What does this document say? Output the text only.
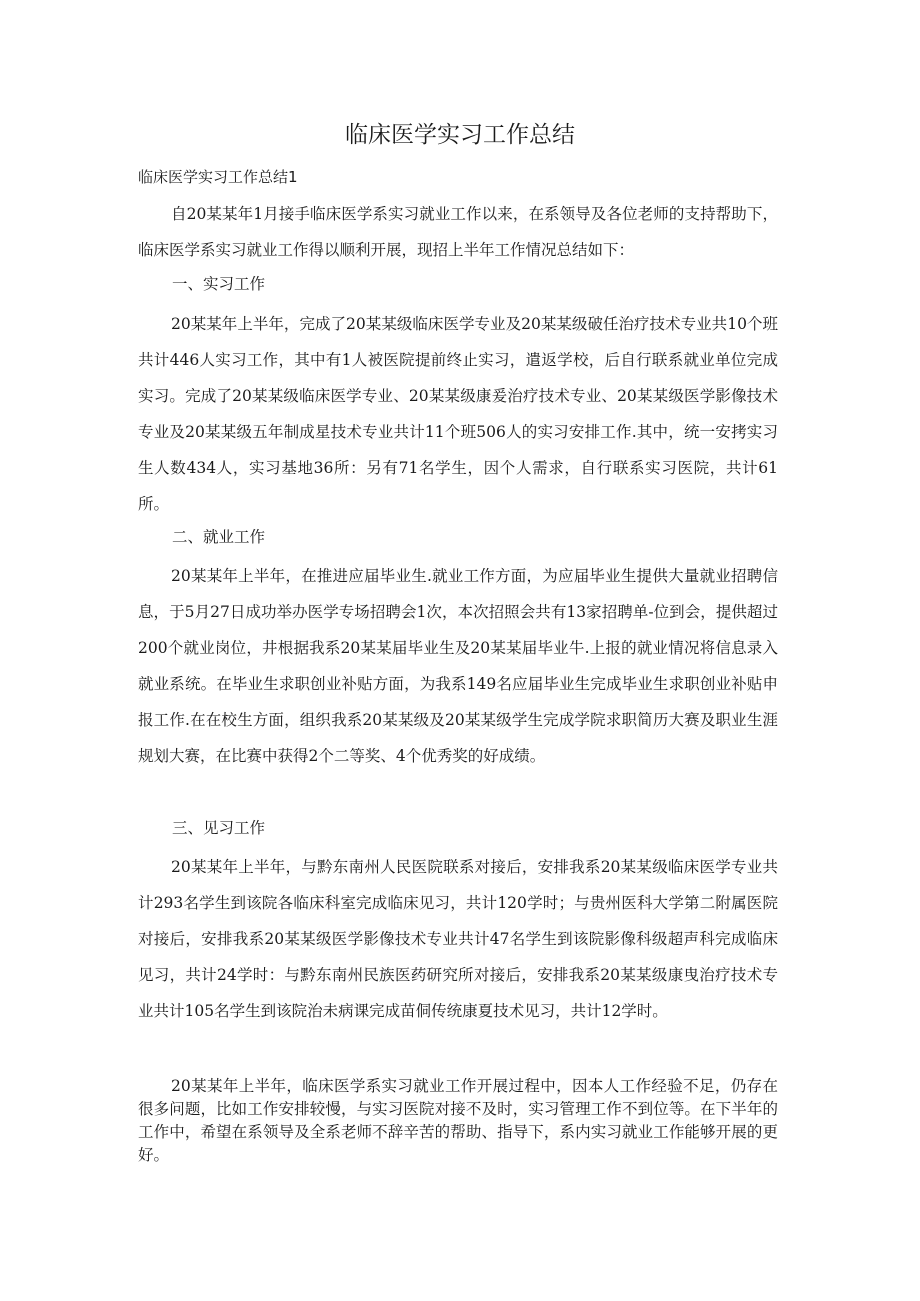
临床医学实习工作总结
临床医学实习工作总结1
自20某某年1月接手临床医学系实习就业工作以来，在系领导及各位老师的支持帮助下，临床医学系实习就业工作得以顺利开展，现招上半年工作情况总结如下：
一、实习工作
20某某年上半年，完成了20某某级临床医学专业及20某某级破任治疗技术专业共10个班共计446人实习工作，其中有1人被医院提前终止实习，遣返学校，后自行联系就业单位完成实习。完成了20某某级临床医学专业、20某某级康爰治疗技术专业、20某某级医学影像技术专业及20某某级五年制成星技术专业共计11个班506人的实习安排工作.其中，统一安拷实习生人数434人，实习基地36所：另有71名学生，因个人需求，自行联系实习医院，共计61所。
二、就业工作
20某某年上半年，在推进应届毕业生.就业工作方面，为应届毕业生提供大量就业招聘信息，于5月27日成功举办医学专场招聘会1次，本次招照会共有13家招聘单-位到会，提供超过200个就业岗位，井根据我系20某某届毕业生及20某某届毕业牛.上报的就业情况将信息录入就业系统。在毕业生求职创业补贴方面，为我系149名应届毕业生完成毕业生求职创业补贴申报工作.在在校生方面，组织我系20某某级及20某某级学生完成学院求职简历大赛及职业生涯规划大赛，在比赛中获得2个二等奖、4个优秀奖的好成绩。
三、见习工作
20某某年上半年，与黔东南州人民医院联系对接后，安排我系20某某级临床医学专业共计293名学生到该院各临床科室完成临床见习，共计120学时；与贵州医科大学第二附属医院对接后，安排我系20某某级医学影像技术专业共计47名学生到该院影像科级超声科完成临床见习，共计24学时：与黔东南州民族医药研究所对接后，安排我系20某某级康曳治疗技术专业共计105名学生到该院治未病课完成苗侗传统康夏技术见习，共计12学时。
20某某年上半年，临床医学系实习就业工作开展过程中，因本人工作经验不足，仍存在很多问题，比如工作安排较慢，与实习医院对接不及时，实习管理工作不到位等。在下半年的工作中，希望在系领导及全系老师不辞辛苦的帮助、指导下，系内实习就业工作能够开展的更好。
